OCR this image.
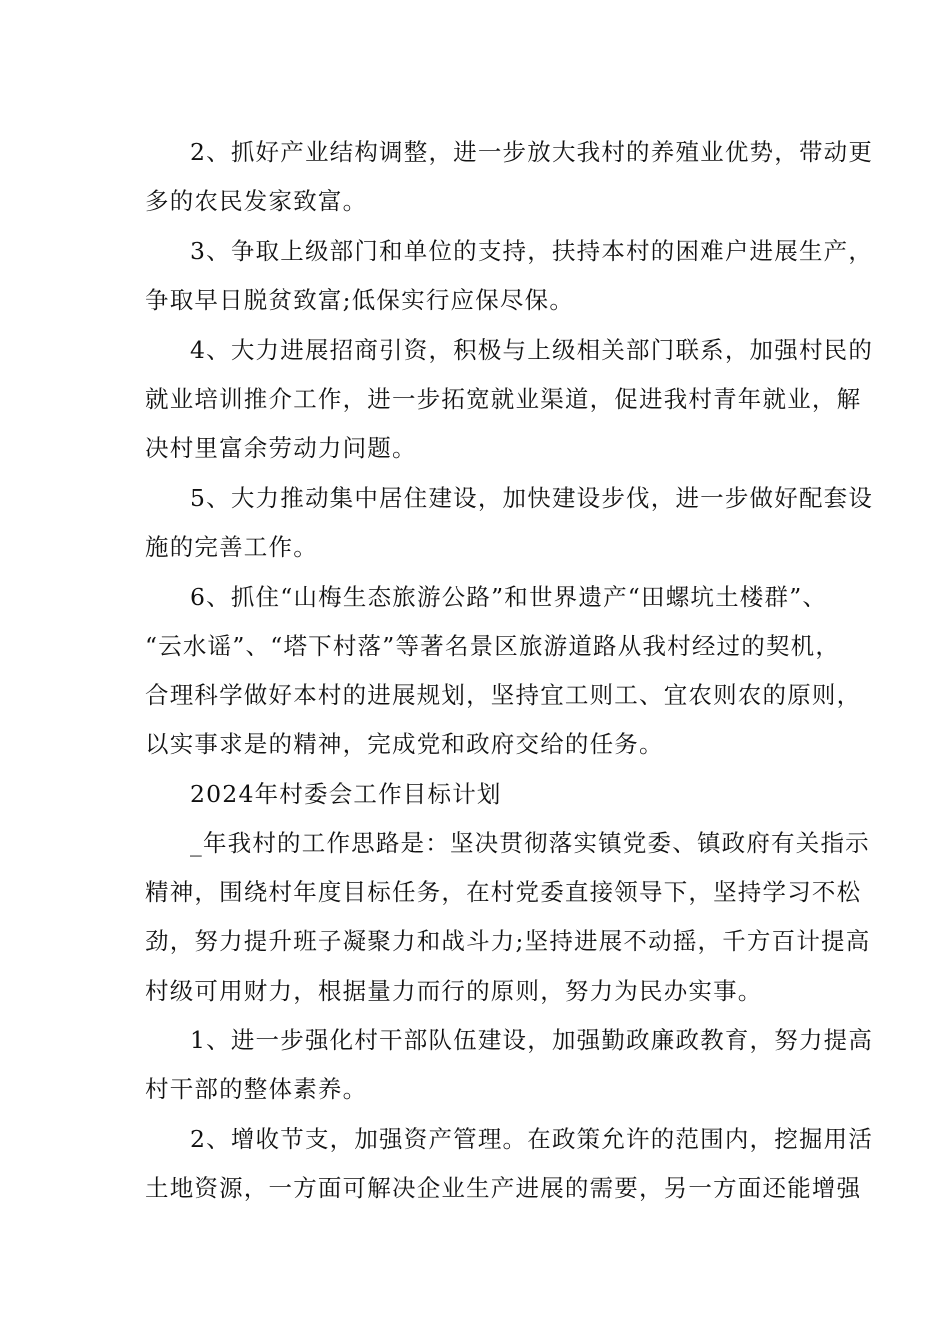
2、抓好产业结构调整，进一步放大我村的养殖业优势，带动更
多的农民发家致富。
3、争取上级部门和单位的支持，扶持本村的困难户进展生产，
争取早日脱贫致富;低保实行应保尽保。
4、大力进展招商引资，积极与上级相关部门联系，加强村民的
就业培训推介工作，进一步拓宽就业渠道，促进我村青年就业，解
决村里富余劳动力问题。
5、大力推动集中居住建设，加快建设步伐，进一步做好配套设
施的完善工作。
6、抓住“山梅生态旅游公路”和世界遗产“田螺坑土楼群”、
“云水谣”、“塔下村落”等著名景区旅游道路从我村经过的契机，
合理科学做好本村的进展规划，坚持宜工则工、宜农则农的原则，
以实事求是的精神，完成党和政府交给的任务。
2024年村委会工作目标计划
_年我村的工作思路是：坚决贯彻落实镇党委、镇政府有关指示
精神，围绕村年度目标任务，在村党委直接领导下，坚持学习不松
劲，努力提升班子凝聚力和战斗力;坚持进展不动摇，千方百计提高
村级可用财力，根据量力而行的原则，努力为民办实事。
1、进一步强化村干部队伍建设，加强勤政廉政教育，努力提高
村干部的整体素养。
2、增收节支，加强资产管理。在政策允许的范围内，挖掘用活
土地资源，一方面可解决企业生产进展的需要，另一方面还能增强
